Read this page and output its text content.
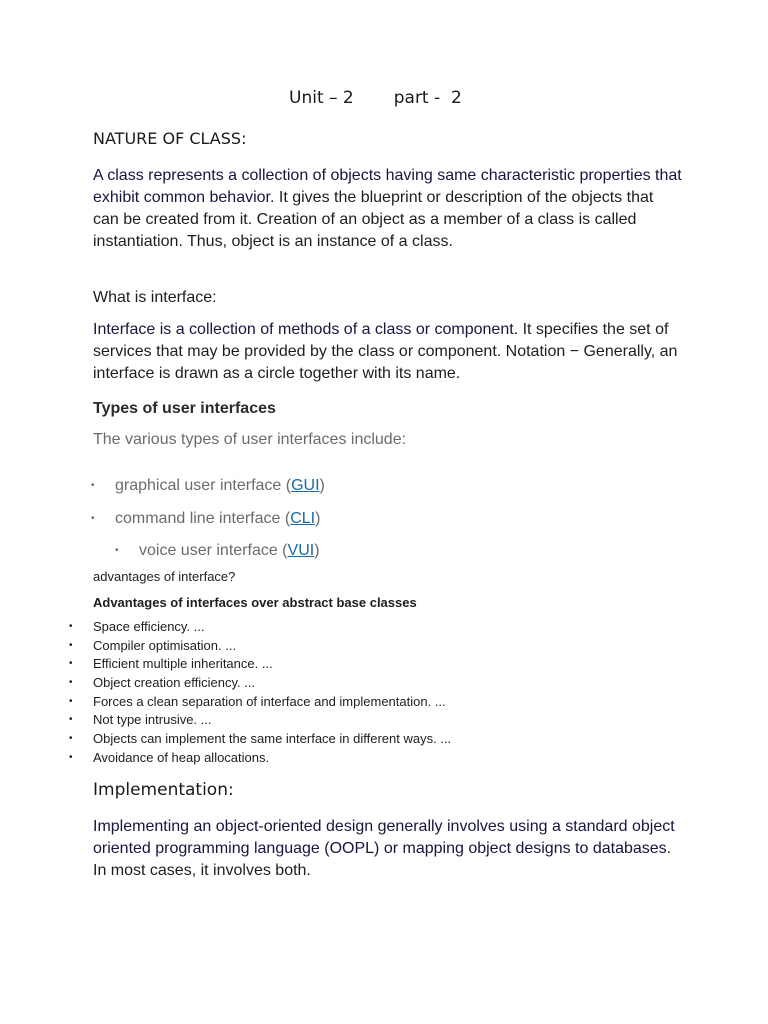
Unit – 2 part -  2
NATURE OF CLASS:
A class represents a collection of objects having same characteristic properties that exhibit common behavior. It gives the blueprint or description of the objects that can be created from it. Creation of an object as a member of a class is called instantiation. Thus, object is an instance of a class.
What is interface:
Interface is a collection of methods of a class or component. It specifies the set of services that may be provided by the class or component. Notation − Generally, an interface is drawn as a circle together with its name.
Types of user interfaces
The various types of user interfaces include:
• graphical user interface (GUI)
• command line interface (CLI)
• voice user interface (VUI)
advantages of interface?
Advantages of interfaces over abstract base classes
• Space efficiency. ...
• Compiler optimisation. ...
• Efficient multiple inheritance. ...
• Object creation efficiency. ...
• Forces a clean separation of interface and implementation. ...
• Not type intrusive. ...
• Objects can implement the same interface in different ways. ...
• Avoidance of heap allocations.
Implementation:
Implementing an object-oriented design generally involves using a standard object oriented programming language (OOPL) or mapping object designs to databases. In most cases, it involves both.
